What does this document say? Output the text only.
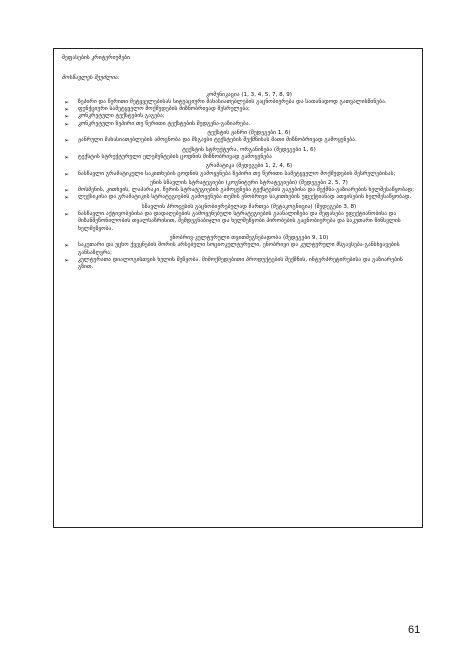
შეფასების კრიტერიუმები
მოსწავლეს შეუძლია:
კომუნიკაცია (1, 3, 4, 5, 7, 8, 9)
➢ ზეპირი და წერითი მეტყველებისას სიტუაციური მახასიათებლების გაცნობიერება და სათანადოდ გათვალისწინება.
➢ ფუნქციური სამეტყველო მოქმედების მიზნობრივად შესრულება;
➢ კონკრეტული ტექსტების გაგება;
➢ კონკრეტული ზეპირი თუ წერითი ტექსტების შედგენა-გაზიარება.
ტექსტის ჟანრი (შედეგები 1, 6)
➢ ჟანრული მახასიათებლების ამოცნობა და მსგავსი ტექსტების შექმნისას მათი მიზნობრივად გამოყენება.
ტექსტის სტრუქტურა, ორგანიზება (შედეგები 1, 6)
➢ ტექსტის სტრუქტურული ელემენტების ცოდნის მიზნობრივად გამოყენება
გრამატიკა (შედეგები 1, 2, 4, 6)
➢ ნასწავლი გრამატიკული საკითხების ცოდნის გამოყენება ზეპირი თუ წერითი სამეტყველო მოქმედების შესრულებისას;
ენის სწავლის სტრატეგიები (კოგნიტური სტრატეგიები) (შედეგები 2, 5, 7)
➢ მოსმენის, კითხვის, ლაპარაკი, წერის სტრატეგიების გამოყენება ტექსტების გაგებისა და შექმნა-გაზიარების ხელშესაწყობად;
➢ ლექსიკისა და გრამატიკის სტრატეგიების გამოყენება თემის ენობრივი საკითხების უფექტიანად ათვისების ხელშესაწყობად.
სწავლის პროცესის გაცნობიერებულად მართვა (მეტაკოგნიცია) (შედეგები 3, 8)
➢ ნასწავლი აქტივობებისა და დადაღებების გამოყენებული სტრატეგიების გაანალიზება და შეფასება ეფექტიანობისა და მიზანშეწონილობის თვალსაზრისით, შემდეგნაბიჯლი და ხელშეწყობი პირობების გაცნობიერება და საკუთარი წინსვლის ხელშეწყობა.
ენობრივ-კულტურული თვითშეგნებადობა (შედეგები 9, 10)
➢ საკუთარი და უცხო ქვეყნების შორის არსებული სოციოკულტურული, ენობრივი და კულტურული მსგავსება-განსხვავების განსაზღვრა;
➢ კულტურათა დიალოგისთვის ხელის შეწყობა. მიმოქმედებითი პროდუქტების შექმნის, ინტერპრეტირებისა და გაზიარების გზით.
61
